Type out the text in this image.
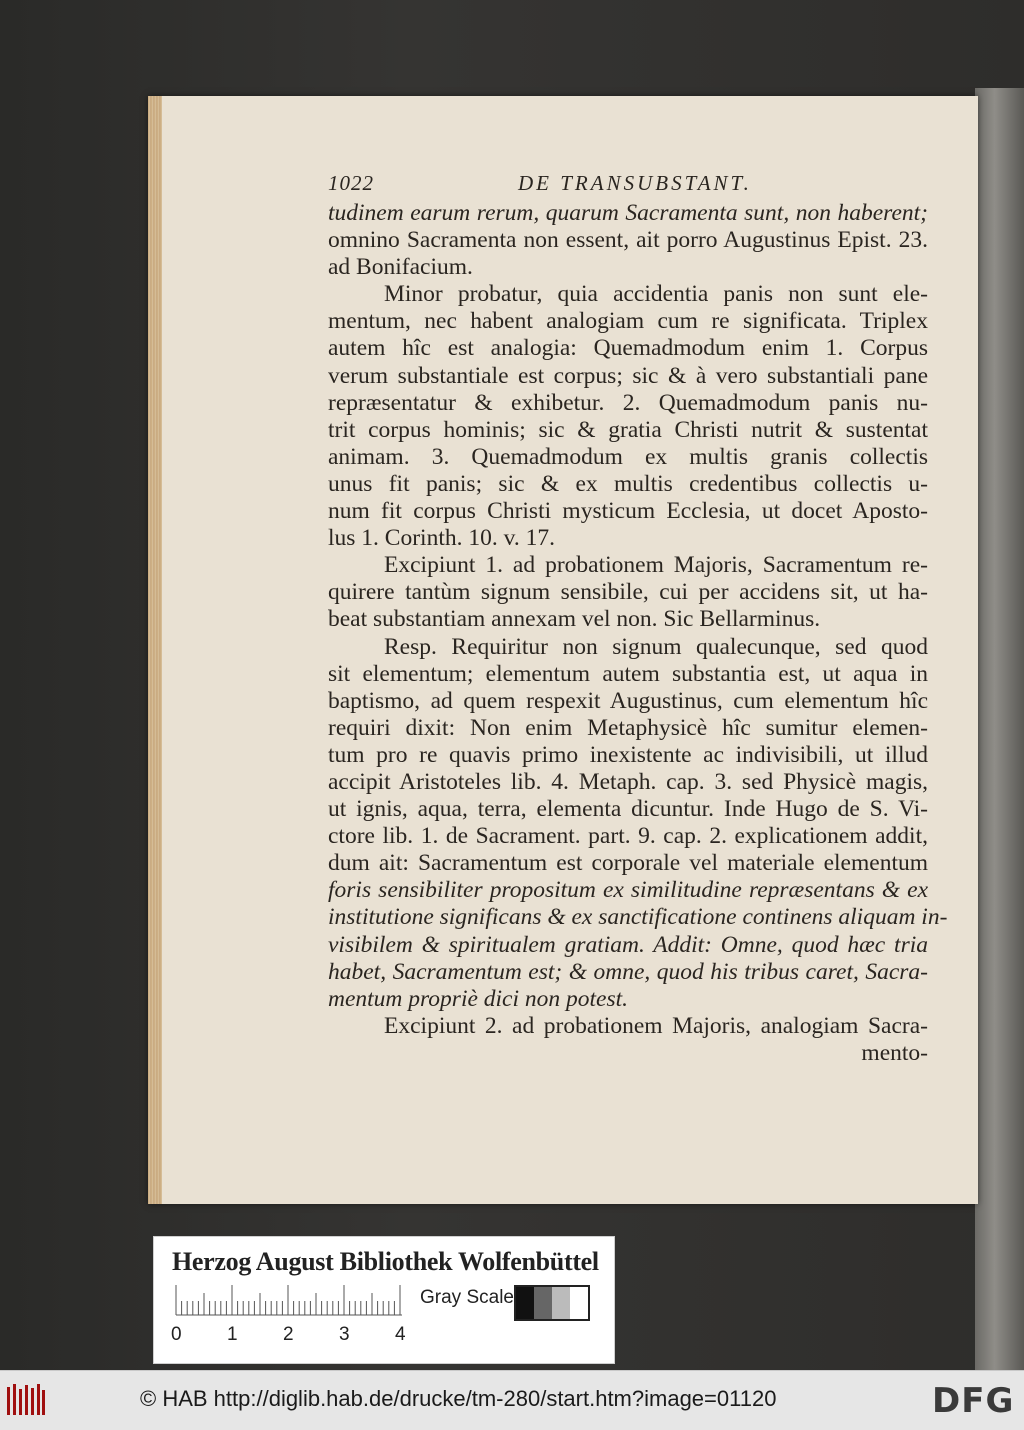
1022	DE TRANSUBSTANT.
tudinem earum rerum, quarum Sacramenta sunt, non haberent;
omnino Sacramenta non essent, ait porro Augustinus Epist. 23.
ad Bonifacium.
Minor probatur, quia accidentia panis non sunt ele-
mentum, nec habent analogiam cum re significata. Triplex
autem hîc est analogia: Quemadmodum enim 1. Corpus
verum substantiale est corpus; sic & à vero substantiali pane
repræsentatur & exhibetur. 2. Quemadmodum panis nu-
trit corpus hominis; sic & gratia Christi nutrit & sustentat
animam. 3. Quemadmodum ex multis granis collectis
unus fit panis; sic & ex multis credentibus collectis u-
num fit corpus Christi mysticum Ecclesia, ut docet Aposto-
lus 1. Corinth. 10. v. 17.
Excipiunt 1. ad probationem Majoris, Sacramentum re-
quirere tantùm signum sensibile, cui per accidens sit, ut ha-
beat substantiam annexam vel non. Sic Bellarminus.
Resp. Requiritur non signum qualecunque, sed quod
sit elementum; elementum autem substantia est, ut aqua in
baptismo, ad quem respexit Augustinus, cum elementum hîc
requiri dixit: Non enim Metaphysicè hîc sumitur elemen-
tum pro re quavis primo inexistente ac indivisibili, ut illud
accipit Aristoteles lib. 4. Metaph. cap. 3. sed Physicè magis,
ut ignis, aqua, terra, elementa dicuntur. Inde Hugo de S. Vi-
ctore lib. 1. de Sacrament. part. 9. cap. 2. explicationem addit,
dum ait: Sacramentum est corporale vel materiale elementum
foris sensibiliter propositum ex similitudine repræsentans & ex
institutione significans & ex sanctificatione continens aliquam in-
visibilem & spiritualem gratiam. Addit: Omne, quod hæc tria
habet, Sacramentum est; & omne, quod his tribus caret, Sacra-
mentum propriè dici non potest.
Excipiunt 2. ad probationem Majoris, analogiam Sacra-
mento-
Herzog August Bibliothek Wolfenbüttel
0 1 2 3 4
Gray Scale
© HAB http://diglib.hab.de/drucke/tm-280/start.htm?image=01120	DFG
